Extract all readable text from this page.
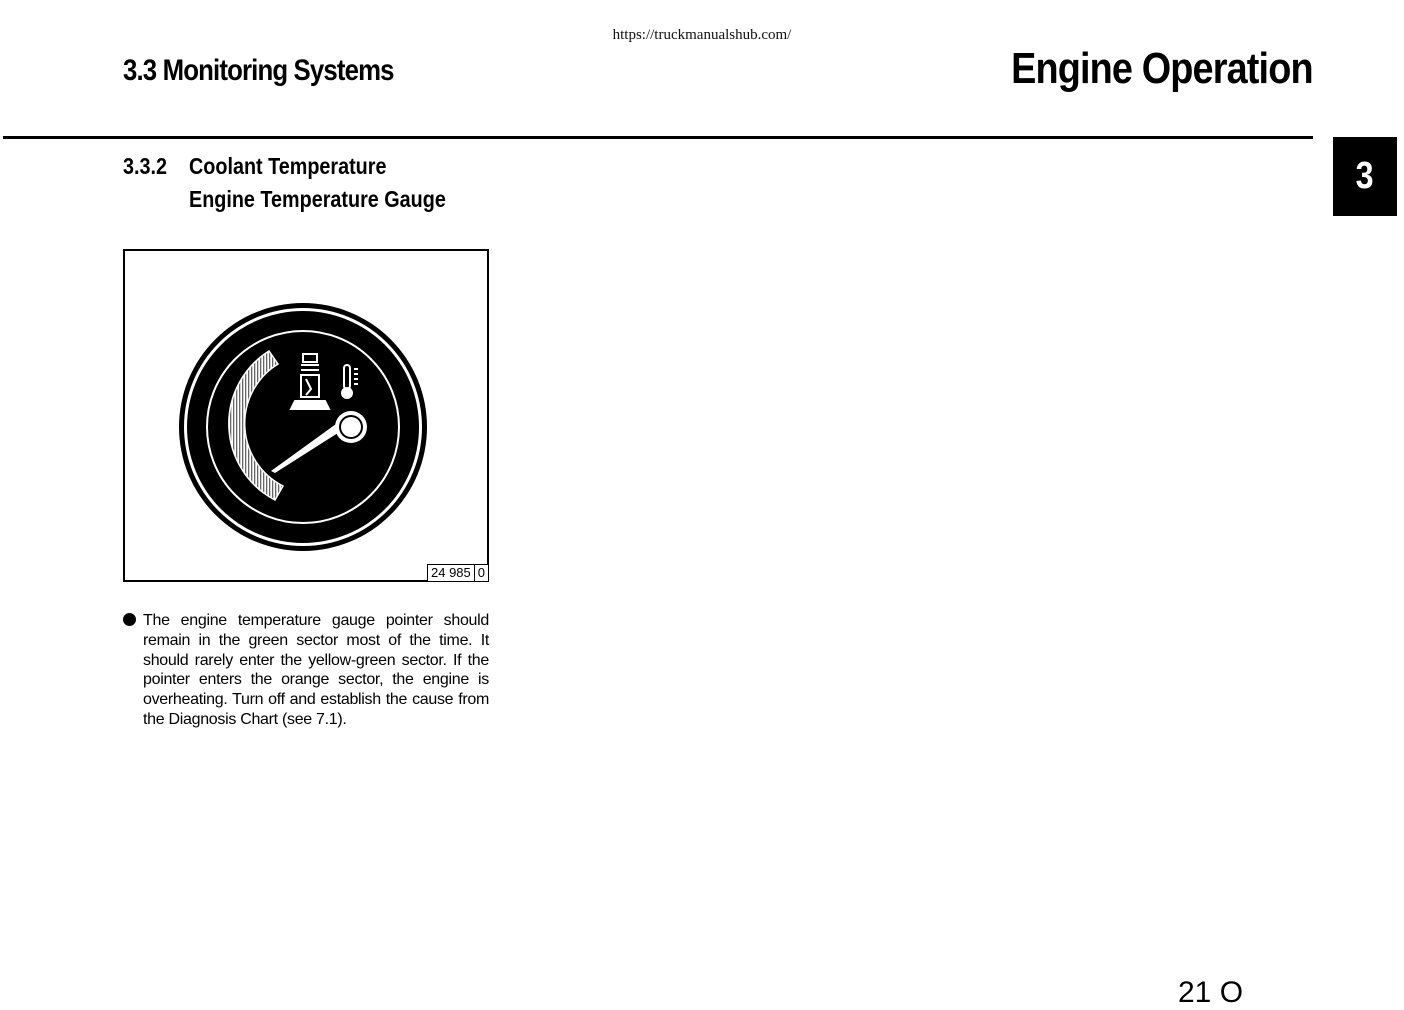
https://truckmanualshub.com/
3.3 Monitoring Systems	Engine Operation
3
3.3.2 Coolant Temperature
Engine Temperature Gauge
24 985 0
The engine temperature gauge pointer should remain in the green sector most of the time. It should rarely enter the yellow-green sector. If the pointer enters the orange sector, the engine is overheating. Turn off and establish the cause from the Diagnosis Chart (see 7.1).
21 O
